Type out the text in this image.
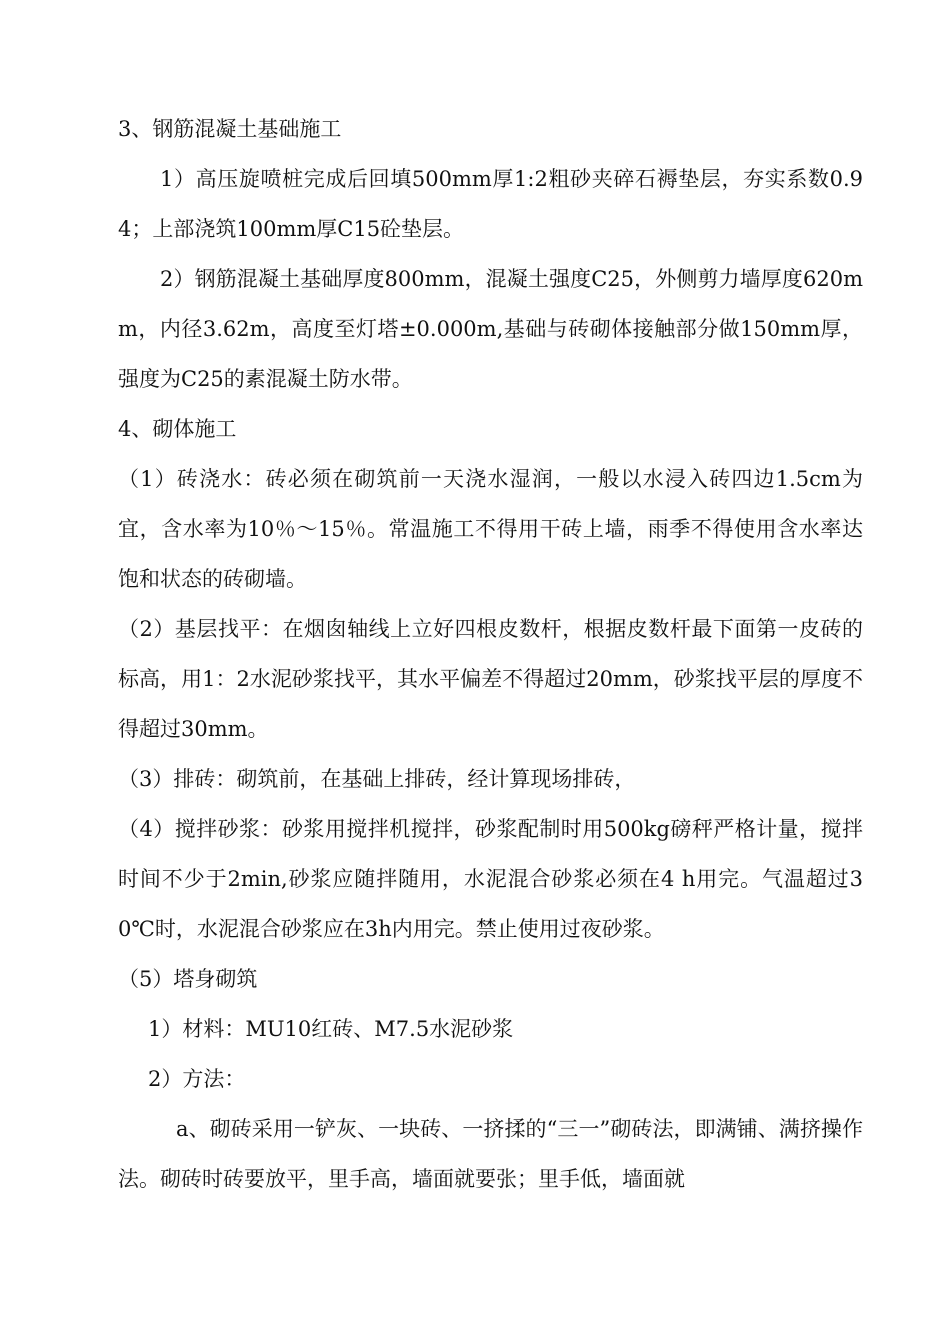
3、钢筋混凝土基础施工

1）高压旋喷桩完成后回填500mm厚1:2粗砂夹碎石褥垫层，夯实系数0.94；上部浇筑100mm厚C15砼垫层。

2）钢筋混凝土基础厚度800mm，混凝土强度C25，外侧剪力墙厚度620mm，内径3.62m，高度至灯塔±0.000m,基础与砖砌体接触部分做150mm厚，强度为C25的素混凝土防水带。

4、砌体施工

（1）砖浇水：砖必须在砌筑前一天浇水湿润，一般以水浸入砖四边1.5cm为宜，含水率为10％～15％。常温施工不得用干砖上墙，雨季不得使用含水率达饱和状态的砖砌墙。

（2）基层找平：在烟囱轴线上立好四根皮数杆，根据皮数杆最下面第一皮砖的标高，用1：2水泥砂浆找平，其水平偏差不得超过20mm，砂浆找平层的厚度不得超过30mm。

（3）排砖：砌筑前，在基础上排砖，经计算现场排砖，

（4）搅拌砂浆：砂浆用搅拌机搅拌，砂浆配制时用500kg磅秤严格计量，搅拌时间不少于2min,砂浆应随拌随用，水泥混合砂浆必须在4 h用完。气温超过30℃时，水泥混合砂浆应在3h内用完。禁止使用过夜砂浆。

（5）塔身砌筑

1）材料：MU10红砖、M7.5水泥砂浆

2）方法：

a、砌砖采用一铲灰、一块砖、一挤揉的“三一”砌砖法，即满铺、满挤操作法。砌砖时砖要放平，里手高，墙面就要张；里手低，墙面就
